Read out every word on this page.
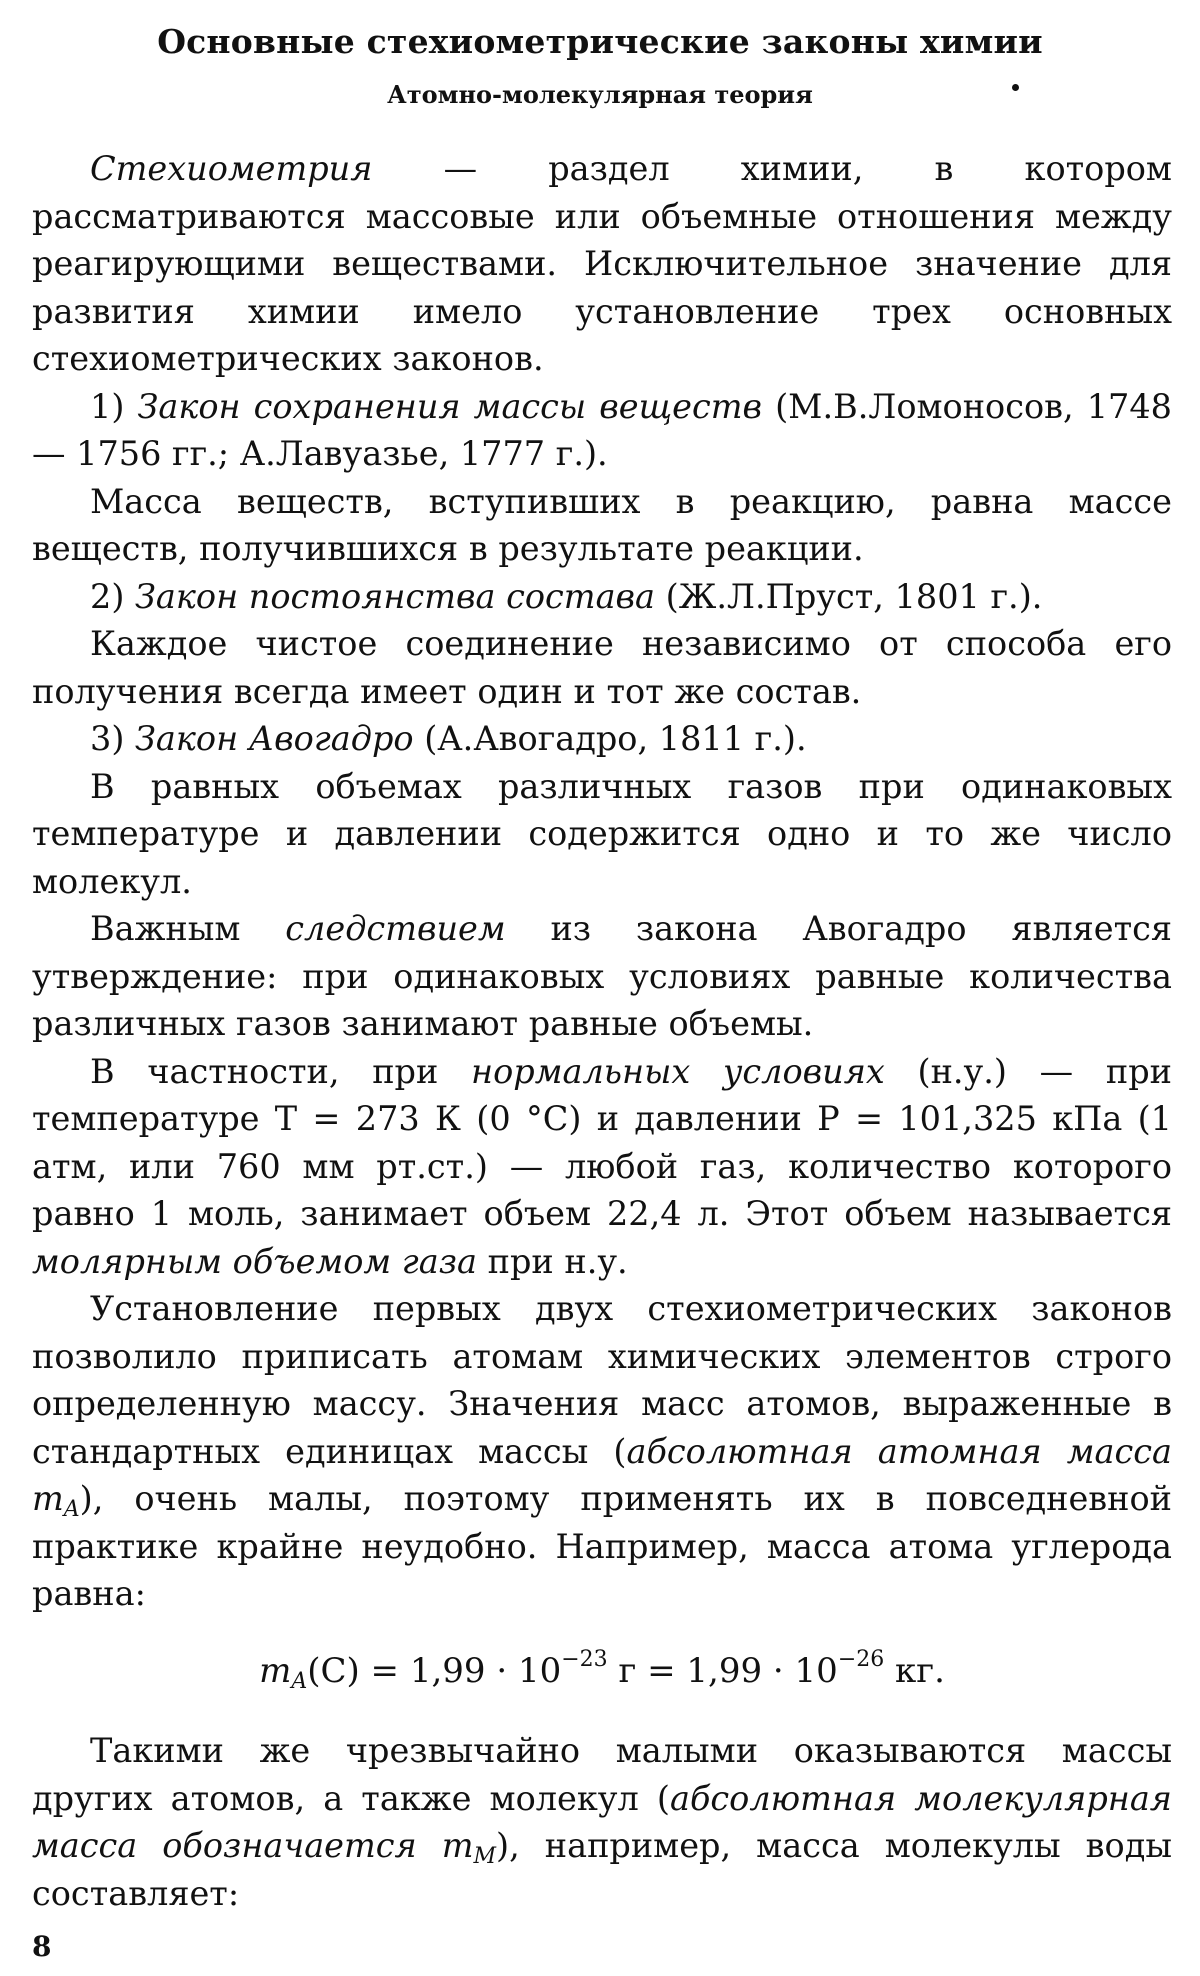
Основные стехиометрические законы химии
Атомно-молекулярная теория

Стехиометрия — раздел химии, в котором рассматриваются массовые или объемные отношения между реагирующими веществами. Исключительное значение для развития химии имело установление трех основных стехиометрических законов.

1) Закон сохранения массы веществ (М.В.Ломоносов, 1748 — 1756 гг.; А.Лавуазье, 1777 г.).

Масса веществ, вступивших в реакцию, равна массе веществ, получившихся в результате реакции.

2) Закон постоянства состава (Ж.Л.Пруст, 1801 г.).

Каждое чистое соединение независимо от способа его получения всегда имеет один и тот же состав.

3) Закон Авогадро (А.Авогадро, 1811 г.).

В равных объемах различных газов при одинаковых температуре и давлении содержится одно и то же число молекул.

Важным следствием из закона Авогадро является утверждение: при одинаковых условиях равные количества различных газов занимают равные объемы.

В частности, при нормальных условиях (н.у.) — при температуре T = 273 К (0 °С) и давлении P = 101,325 кПа (1 атм, или 760 мм рт.ст.) — любой газ, количество которого равно 1 моль, занимает объем 22,4 л. Этот объем называется молярным объемом газа при н.у.

Установление первых двух стехиометрических законов позволило приписать атомам химических элементов строго определенную массу. Значения масс атомов, выраженные в стандартных единицах массы (абсолютная атомная масса mA), очень малы, поэтому применять их в повседневной практике крайне неудобно. Например, масса атома углерода равна:

$m_A(C) = 1,99 \cdot 10^{-23}$ $г = 1,99 \cdot 10^{-26}$ кг.

Такими же чрезвычайно малыми оказываются массы других атомов, а также молекул (абсолютная молекулярная масса обозначается mM), например, масса молекулы воды составляет:

8
